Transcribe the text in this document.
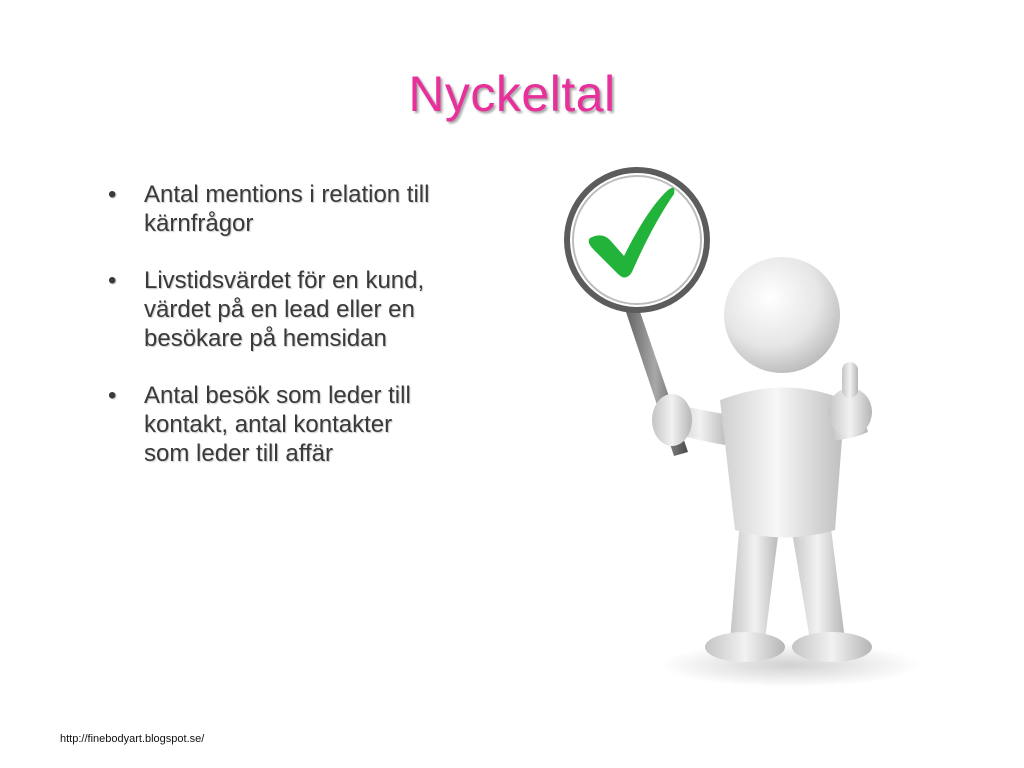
Nyckeltal
• Antal mentions i relation till kärnfrågor
• Livstidsvärdet för en kund, värdet på en lead eller en besökare på hemsidan
• Antal besök som leder till kontakt, antal kontakter som leder till affär
http://finebodyart.blogspot.se/
